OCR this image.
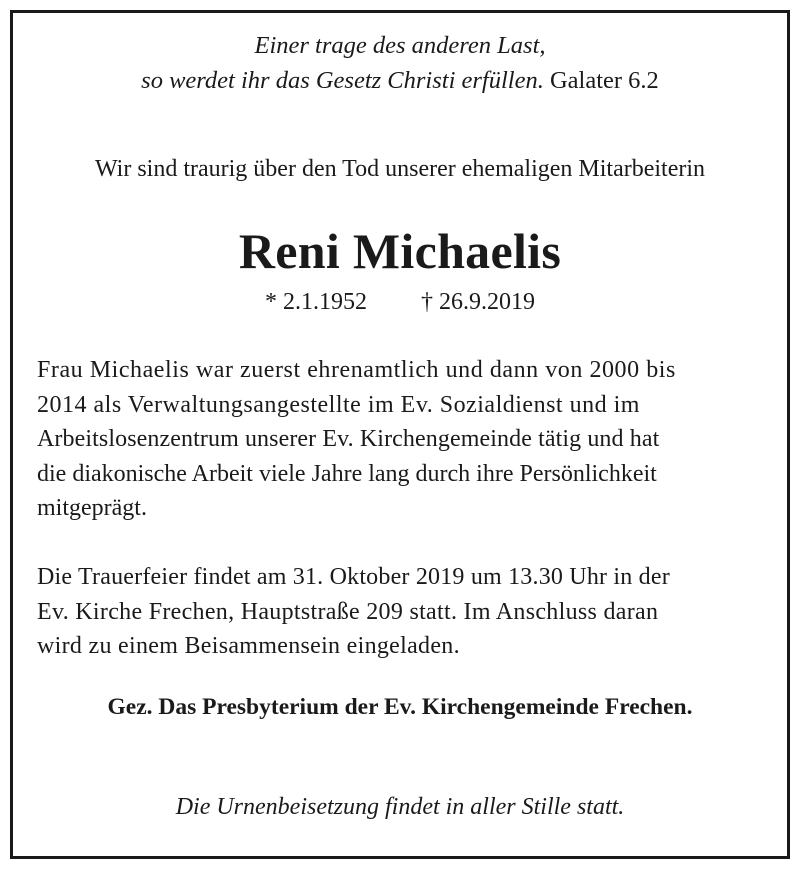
Einer trage des anderen Last,
so werdet ihr das Gesetz Christi erfüllen. Galater 6.2
Wir sind traurig über den Tod unserer ehemaligen Mitarbeiterin
Reni Michaelis
* 2.1.1952 † 26.9.2019
Frau Michaelis war zuerst ehrenamtlich und dann von 2000 bis
2014 als Verwaltungsangestellte im Ev. Sozialdienst und im
Arbeitslosenzentrum unserer Ev. Kirchengemeinde tätig und hat
die diakonische Arbeit viele Jahre lang durch ihre Persönlichkeit
mitgeprägt.
Die Trauerfeier findet am 31. Oktober 2019 um 13.30 Uhr in der
Ev. Kirche Frechen, Hauptstraße 209 statt. Im Anschluss daran
wird zu einem Beisammensein eingeladen.
Gez. Das Presbyterium der Ev. Kirchengemeinde Frechen.
Die Urnenbeisetzung findet in aller Stille statt.
